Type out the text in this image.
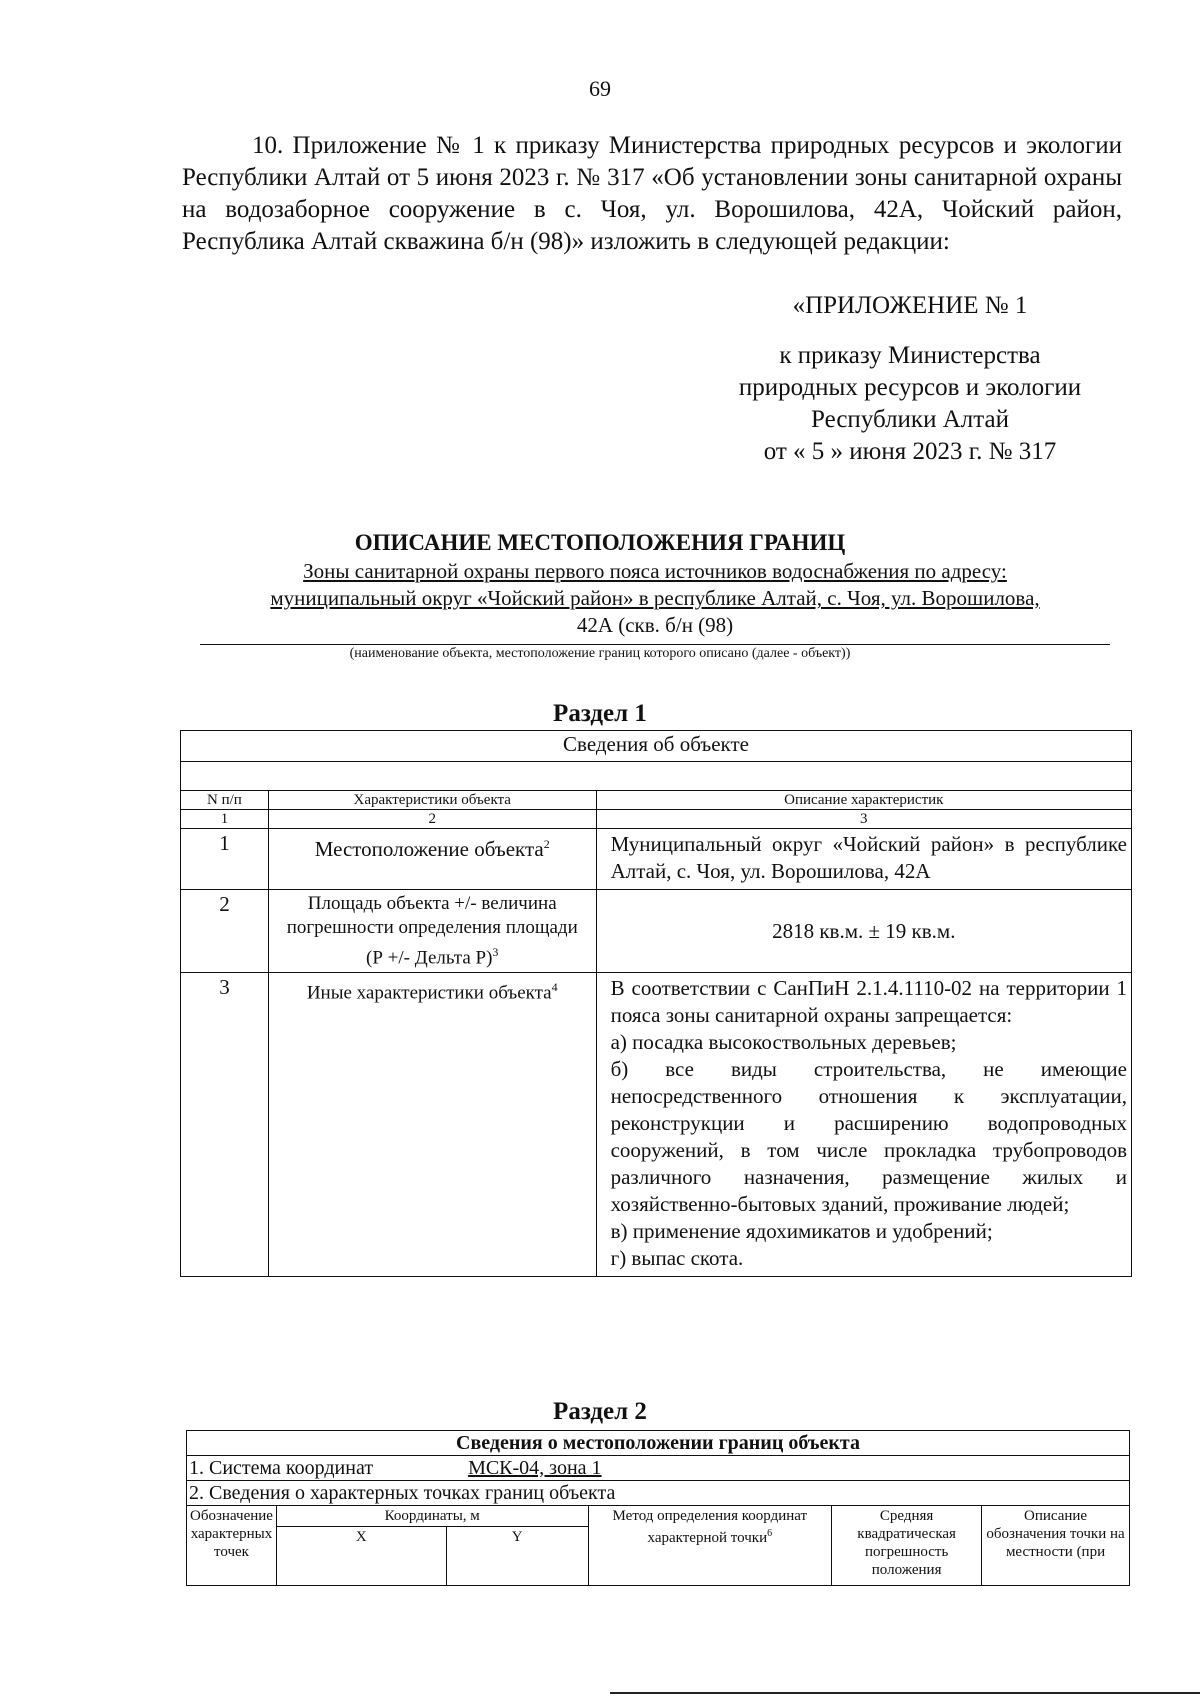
69
10. Приложение № 1 к приказу Министерства природных ресурсов и экологии Республики Алтай от 5 июня 2023 г. № 317 «Об установлении зоны санитарной охраны на водозаборное сооружение в с. Чоя, ул. Ворошилова, 42А, Чойский район, Республика Алтай скважина б/н (98)» изложить в следующей редакции:
«ПРИЛОЖЕНИЕ № 1
к приказу Министерства
природных ресурсов и экологии
Республики Алтай
от « 5 » июня 2023 г. № 317
ОПИСАНИЕ МЕСТОПОЛОЖЕНИЯ ГРАНИЦ
Зоны санитарной охраны первого пояса источников водоснабжения по адресу:
муниципальный округ «Чойский район» в республике Алтай, с. Чоя, ул. Ворошилова,
42А (скв. б/н (98)
(наименование объекта, местоположение границ которого описано (далее - объект))
Раздел 1
Сведения об объекте		

N п/п	Характеристики объекта	Описание характеристик
1	2	3
1	Местоположение объекта$^2$	Муниципальный округ «Чойский район» в республике Алтай, с. Чоя, ул. Ворошилова, 42А
2	Площадь объекта +/- величина погрешности определения площади (Р +/- Дельта Р)$^3$	2818 кв.м. ± 19 кв.м.
3	Иные характеристики объекта$^4$	В соответствии с СанПиН 2.1.4.1110-02 на территории 1 пояса зоны санитарной охраны запрещается:
а) посадка высокоствольных деревьев;
б) все виды строительства, не имеющие непосредственного отношения к эксплуатации, реконструкции и расширению водопроводных сооружений, в том числе прокладка трубопроводов различного назначения, размещение жилых и хозяйственно-бытовых зданий, проживание людей;
в) применение ядохимикатов и удобрений;
г) выпас скота.
Раздел 2
Сведения о местоположении границ объекта					
1. Система координат МСК-04, зона 1					
2. Сведения о характерных точках границ объекта					
Обозначение характерных точек	Координаты, м		Метод определения координат характерной точки$^6$	Средняя квадратическая погрешность положения	Описание обозначения точки на местности (при
	X	Y			
